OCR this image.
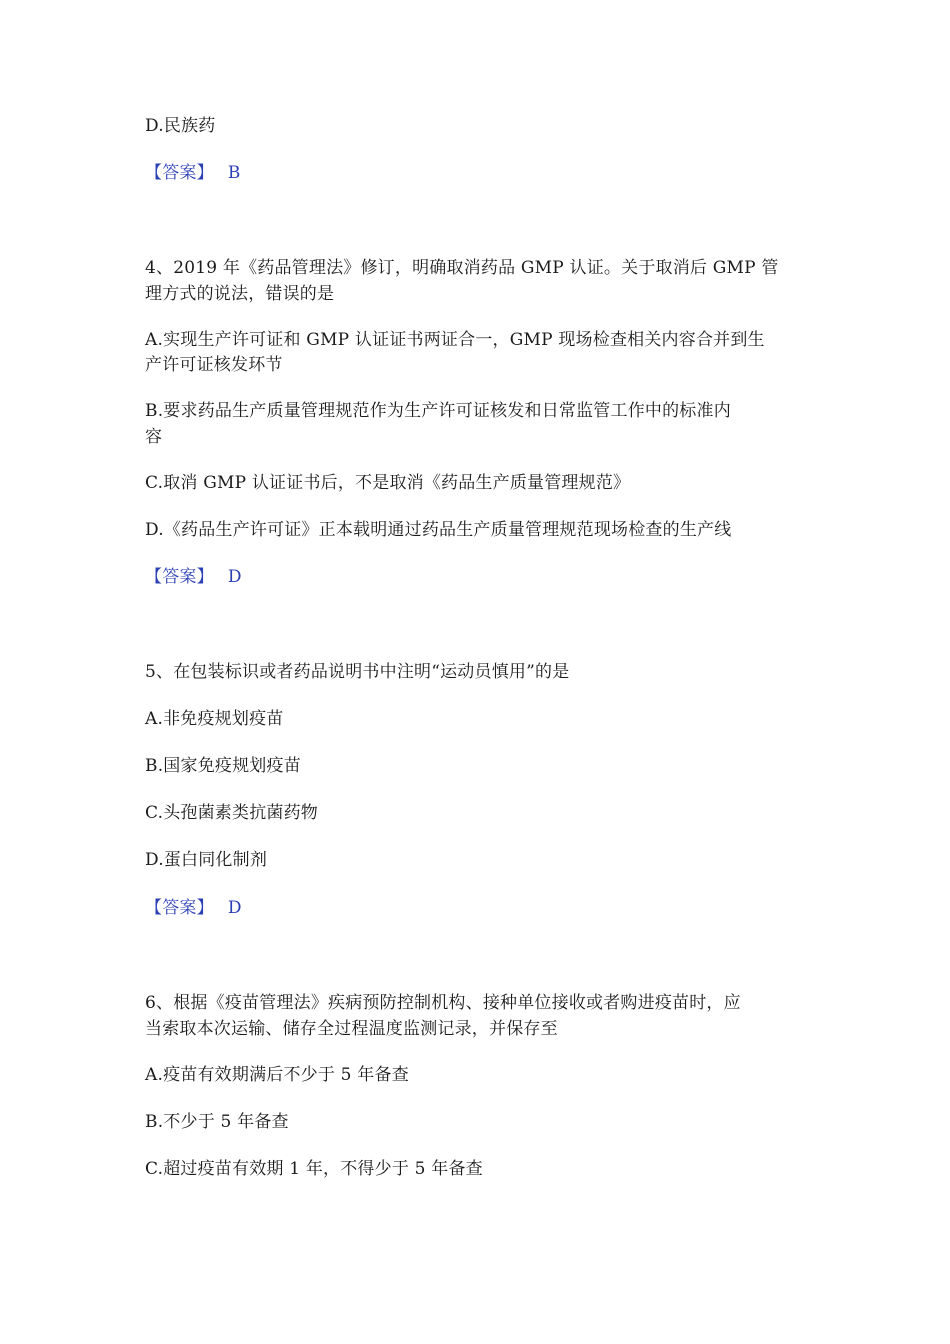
D.民族药
【答案】 B
4、2019 年《药品管理法》修订，明确取消药品 GMP 认证。关于取消后 GMP 管
理方式的说法，错误的是
A.实现生产许可证和 GMP 认证证书两证合一，GMP 现场检查相关内容合并到生
产许可证核发环节
B.要求药品生产质量管理规范作为生产许可证核发和日常监管工作中的标准内
容
C.取消 GMP 认证证书后，不是取消《药品生产质量管理规范》
D.《药品生产许可证》正本载明通过药品生产质量管理规范现场检查的生产线
【答案】 D
5、在包装标识或者药品说明书中注明“运动员慎用”的是
A.非免疫规划疫苗
B.国家免疫规划疫苗
C.头孢菌素类抗菌药物
D.蛋白同化制剂
【答案】 D
6、根据《疫苗管理法》疾病预防控制机构、接种单位接收或者购进疫苗时，应
当索取本次运输、储存全过程温度监测记录，并保存至
A.疫苗有效期满后不少于 5 年备查
B.不少于 5 年备查
C.超过疫苗有效期 1 年，不得少于 5 年备查
